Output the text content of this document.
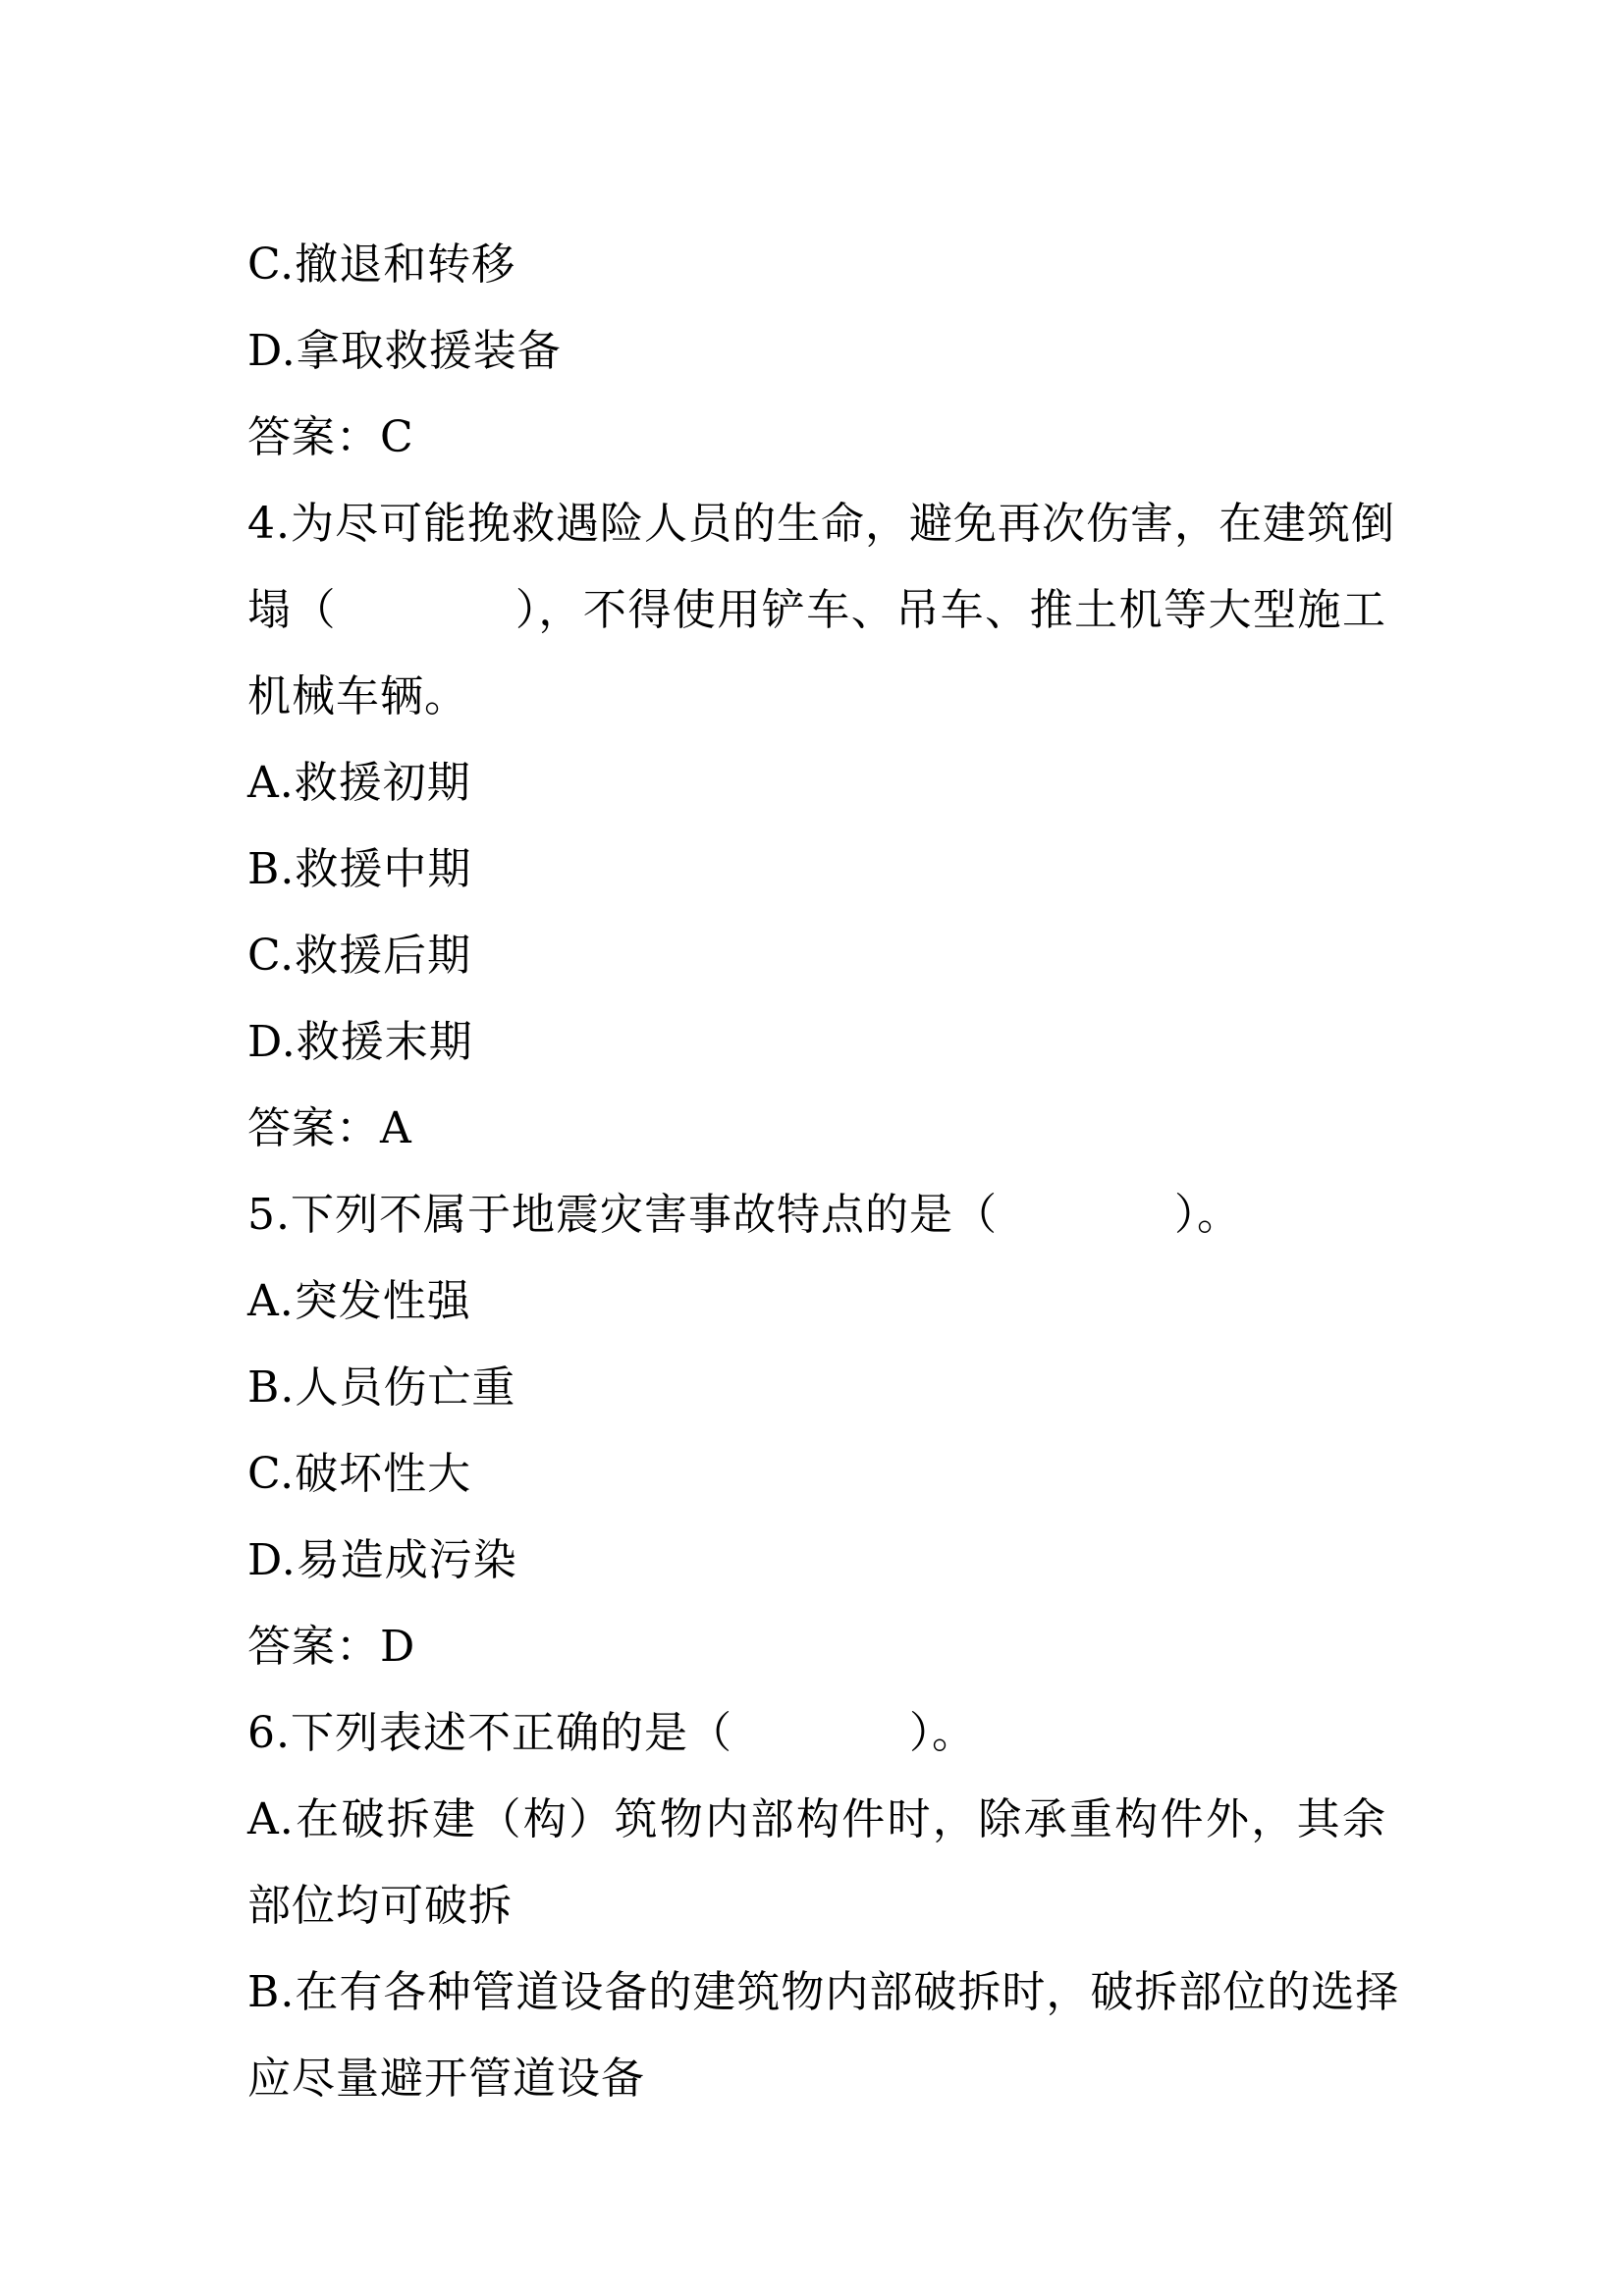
C.撤退和转移
D.拿取救援装备
答案：C
4.为尽可能挽救遇险人员的生命，避免再次伤害，在建筑倒
塌（　　　　），不得使用铲车、吊车、推土机等大型施工
机械车辆。
A.救援初期
B.救援中期
C.救援后期
D.救援末期
答案：A
5.下列不属于地震灾害事故特点的是（　　　　）。
A.突发性强
B.人员伤亡重
C.破坏性大
D.易造成污染
答案：D
6.下列表述不正确的是（　　　　）。
A.在破拆建（构）筑物内部构件时，除承重构件外，其余
部位均可破拆
B.在有各种管道设备的建筑物内部破拆时，破拆部位的选择
应尽量避开管道设备
